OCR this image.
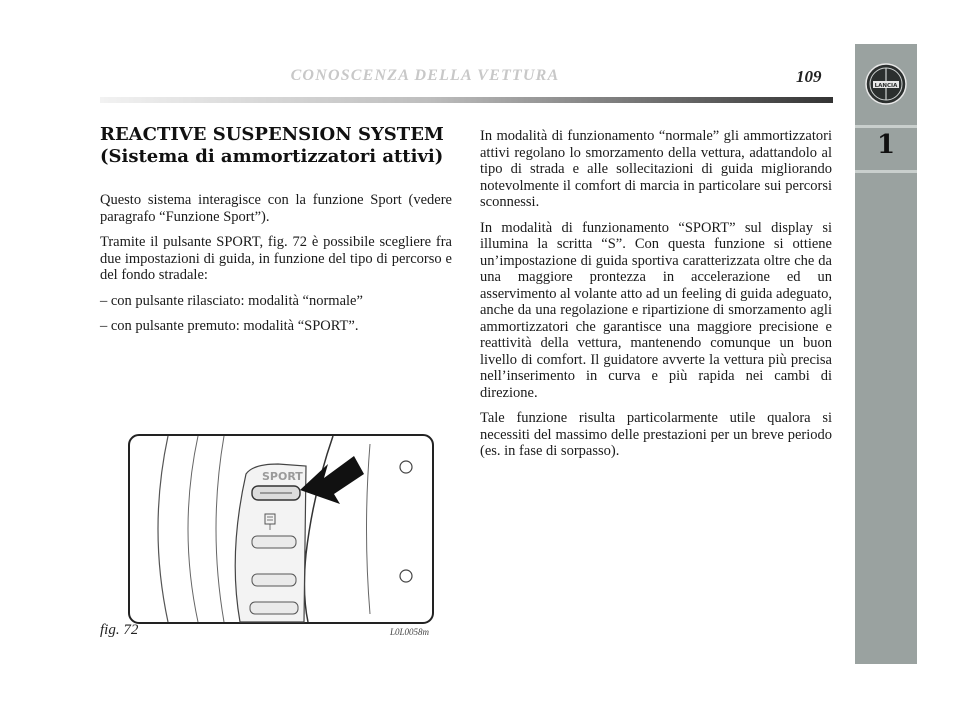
CONOSCENZA DELLA VETTURA	109	LANCIA
1
REACTIVE SUSPENSION SYSTEM
(Sistema di ammortizzatori attivi)

Questo sistema interagisce con la funzione Sport (vedere paragrafo “Funzione Sport”).

Tramite il pulsante SPORT, fig. 72 è possibile scegliere fra due impostazioni di guida, in funzione del tipo di percorso e del fondo stradale:

– con pulsante rilasciato: modalità “normale”

– con pulsante premuto: modalità “SPORT”.

In modalità di funzionamento “normale” gli ammortizzatori attivi regolano lo smorzamento della vettura, adattandolo al tipo di strada e alle sollecitazioni di guida migliorando notevolmente il comfort di marcia in particolare sui percorsi sconnessi.

In modalità di funzionamento “SPORT” sul display si illumina la scritta “S”. Con questa funzione si ottiene un’impostazione di guida sportiva caratterizzata oltre che da una maggiore prontezza in accelerazione ed un asservimento al volante atto ad un feeling di guida adeguato, anche da una regolazione e ripartizione di smorzamento agli ammortizzatori che garantisce una maggiore precisione e reattività della vettura, mantenendo comunque un buon livello di comfort. Il guidatore avverte la vettura più precisa nell’inserimento in curva e più rapida nei cambi di direzione.

Tale funzione risulta particolarmente utile qualora si necessiti del massimo delle prestazioni per un breve periodo (es. in fase di sorpasso).

SPORT
fig. 72	L0L0058m
